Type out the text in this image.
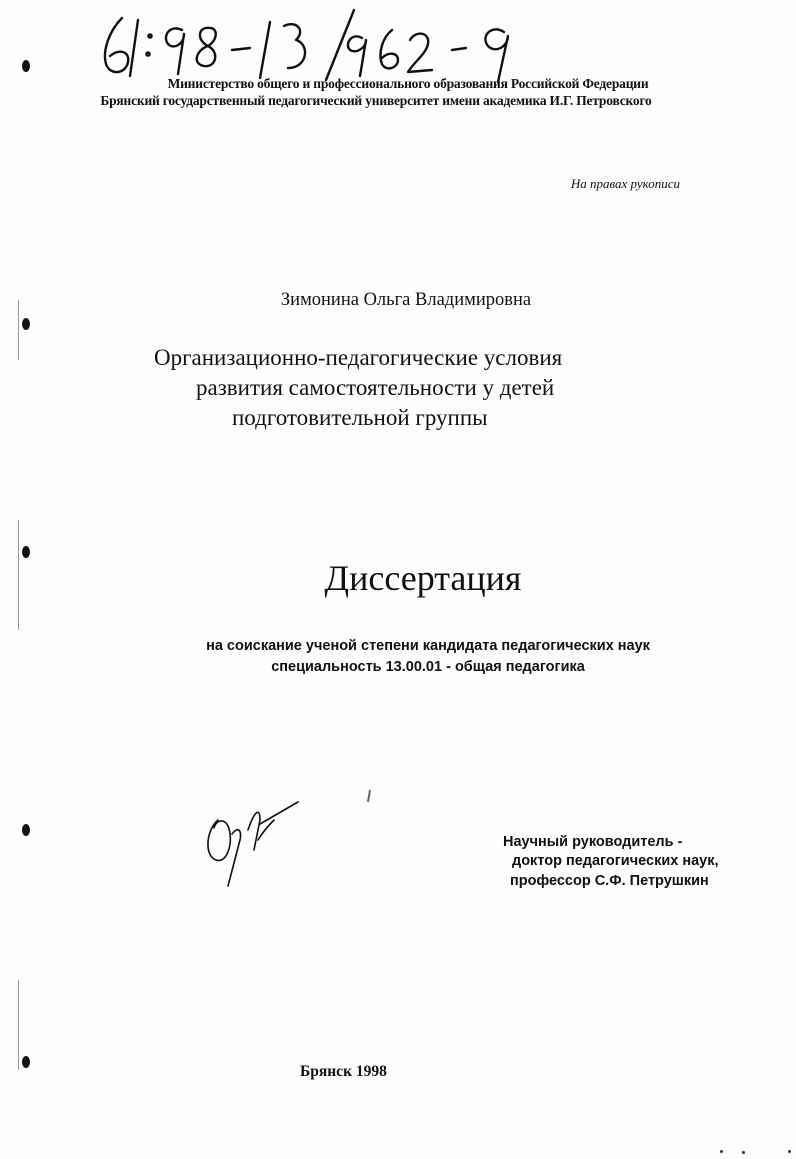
Министерство общего и профессионального образования Российской Федерации
Брянский государственный педагогический университет имени академика И.Г. Петровского
На правах рукописи
Зимонина Ольга Владимировна
Организационно-педагогические условия
развития самостоятельности у детей
подготовительной группы
Диссертация
на соискание ученой степени кандидата педагогических наук
специальность 13.00.01 - общая педагогика
Научный руководитель -
доктор педагогических наук,
профессор С.Ф. Петрушкин
Брянск 1998
